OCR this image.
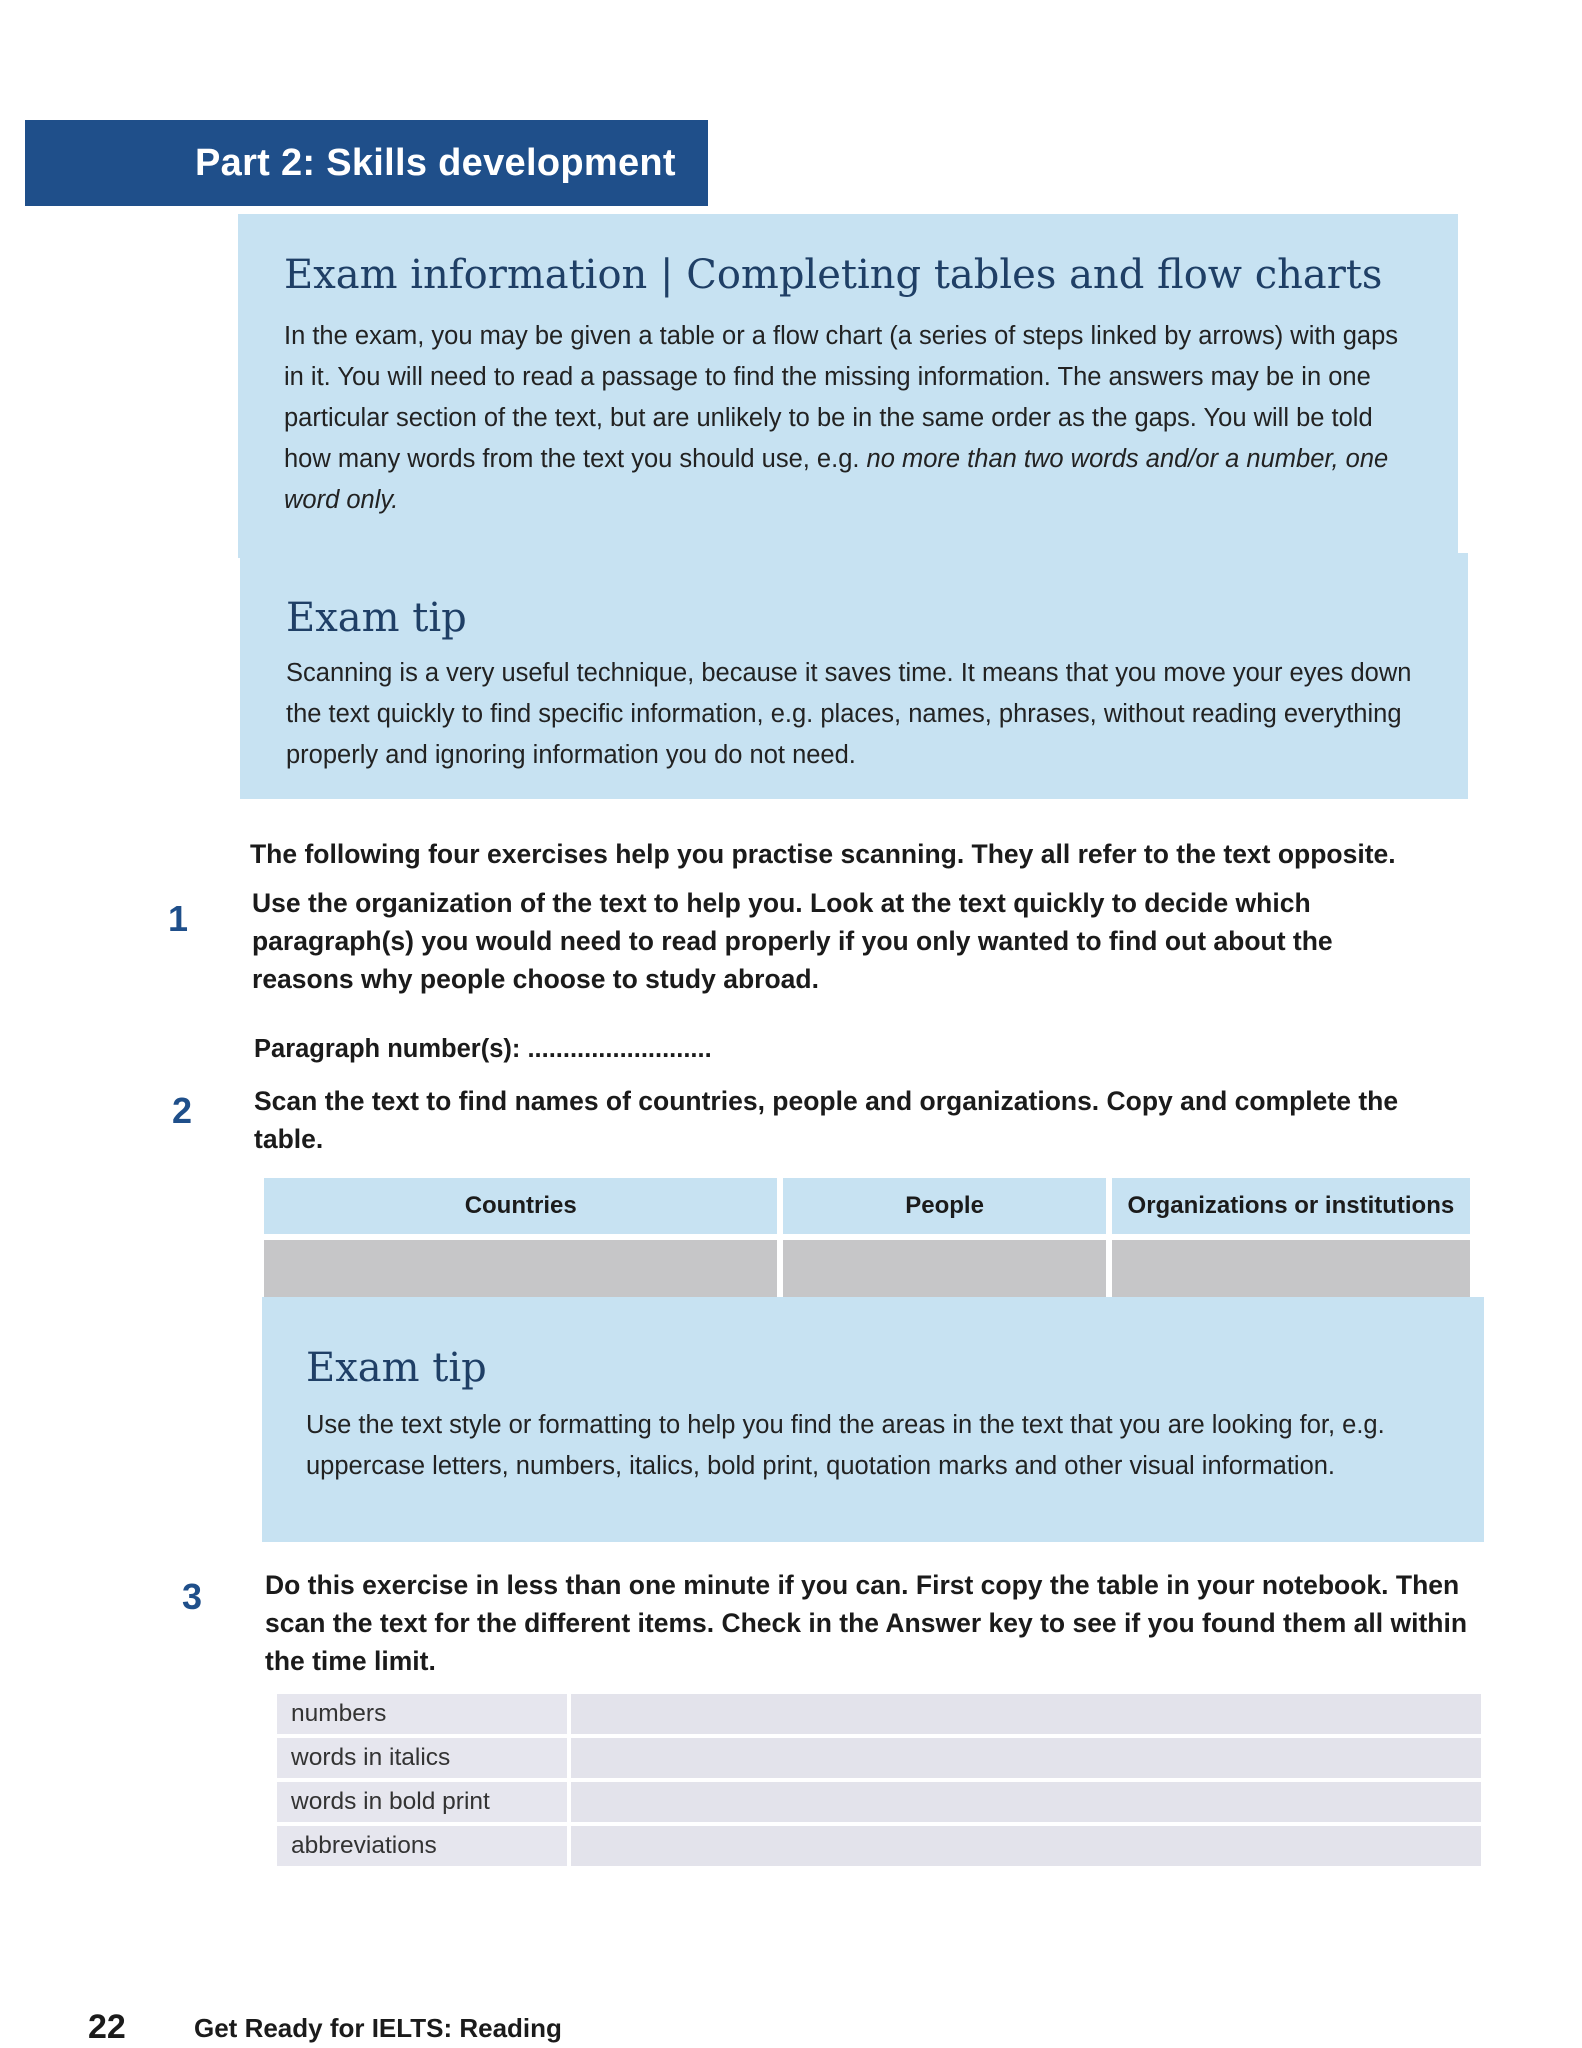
Part 2: Skills development
Exam information | Completing tables and flow charts

In the exam, you may be given a table or a flow chart (a series of steps linked by arrows) with gaps in it. You will need to read a passage to find the missing information. The answers may be in one particular section of the text, but are unlikely to be in the same order as the gaps. You will be told how many words from the text you should use, e.g. no more than two words and/or a number, one word only.

Exam tip

Scanning is a very useful technique, because it saves time. It means that you move your eyes down the text quickly to find specific information, e.g. places, names, phrases, without reading everything properly and ignoring information you do not need.

The following four exercises help you practise scanning. They all refer to the text opposite.
1 Use the organization of the text to help you. Look at the text quickly to decide which paragraph(s) you would need to read properly if you only wanted to find out about the reasons why people choose to study abroad.
Paragraph number(s): ..........................
2 Scan the text to find names of countries, people and organizations. Copy and complete the table.
Countries	People	Organizations or institutions

Exam tip

Use the text style or formatting to help you find the areas in the text that you are looking for, e.g. uppercase letters, numbers, italics, bold print, quotation marks and other visual information.

3 Do this exercise in less than one minute if you can. First copy the table in your notebook. Then scan the text for the different items. Check in the Answer key to see if you found them all within the time limit.
numbers	
words in italics	
words in bold print	
abbreviations	
22	Get Ready for IELTS: Reading
